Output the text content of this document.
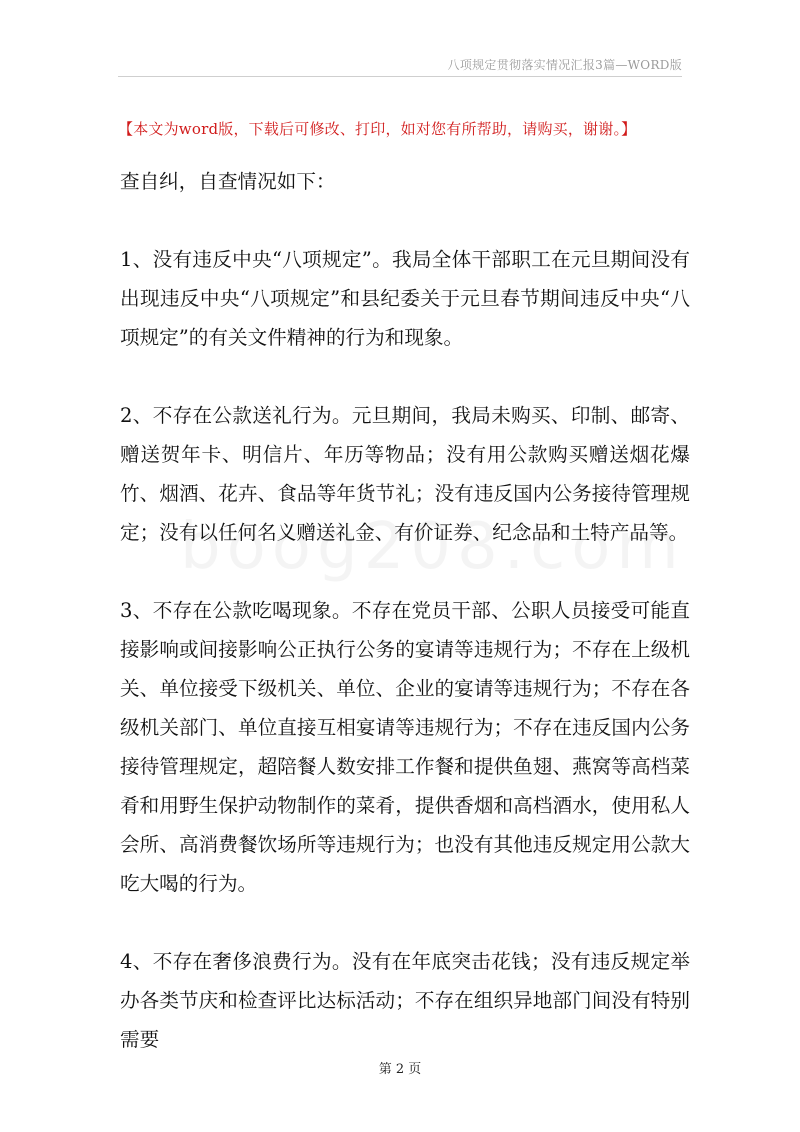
八项规定贯彻落实情况汇报3篇—WORD版
【本文为word版，下载后可修改、打印，如对您有所帮助，请购买，谢谢。】

查自纠，自查情况如下：

1、没有违反中央“八项规定”。我局全体干部职工在元旦期间没有出现违反中央“八项规定”和县纪委关于元旦春节期间违反中央“八项规定”的有关文件精神的行为和现象。

2、不存在公款送礼行为。元旦期间，我局未购买、印制、邮寄、赠送贺年卡、明信片、年历等物品；没有用公款购买赠送烟花爆竹、烟酒、花卉、食品等年货节礼；没有违反国内公务接待管理规定；没有以任何名义赠送礼金、有价证券、纪念品和土特产品等。

3、不存在公款吃喝现象。不存在党员干部、公职人员接受可能直接影响或间接影响公正执行公务的宴请等违规行为；不存在上级机关、单位接受下级机关、单位、企业的宴请等违规行为；不存在各级机关部门、单位直接互相宴请等违规行为；不存在违反国内公务接待管理规定，超陪餐人数安排工作餐和提供鱼翅、燕窝等高档菜肴和用野生保护动物制作的菜肴，提供香烟和高档酒水，使用私人会所、高消费餐饮场所等违规行为；也没有其他违反规定用公款大吃大喝的行为。

4、不存在奢侈浪费行为。没有在年底突击花钱；没有违反规定举办各类节庆和检查评比达标活动；不存在组织异地部门间没有特别需要

第 2 页
